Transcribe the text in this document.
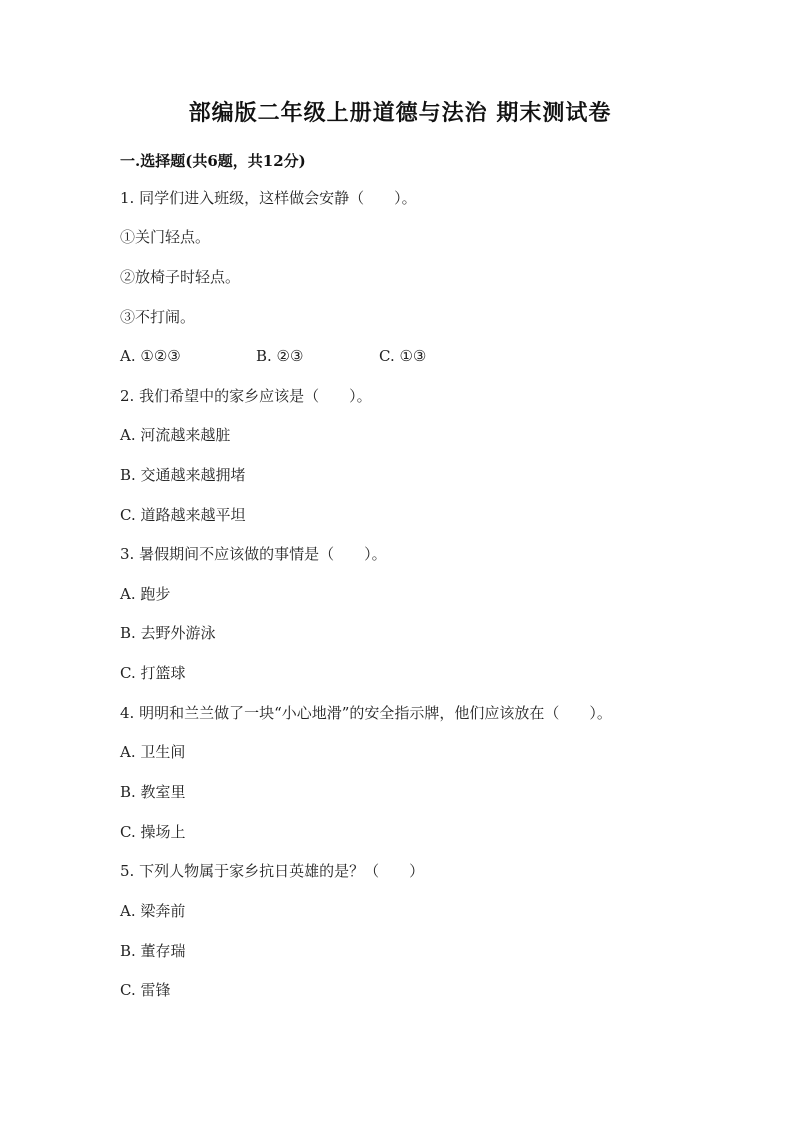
部编版二年级上册道德与法治 期末测试卷
一.选择题(共6题，共12分)
1. 同学们进入班级，这样做会安静（　　）。
①关门轻点。
②放椅子时轻点。
③不打闹。
A. ①②③	B. ②③	C. ①③
2. 我们希望中的家乡应该是（　　）。
A. 河流越来越脏
B. 交通越来越拥堵
C. 道路越来越平坦
3. 暑假期间不应该做的事情是（　　）。
A. 跑步
B. 去野外游泳
C. 打篮球
4. 明明和兰兰做了一块“小心地滑”的安全指示牌，他们应该放在（　　）。
A. 卫生间
B. 教室里
C. 操场上
5. 下列人物属于家乡抗日英雄的是？（　　）
A. 梁奔前
B. 董存瑞
C. 雷锋
